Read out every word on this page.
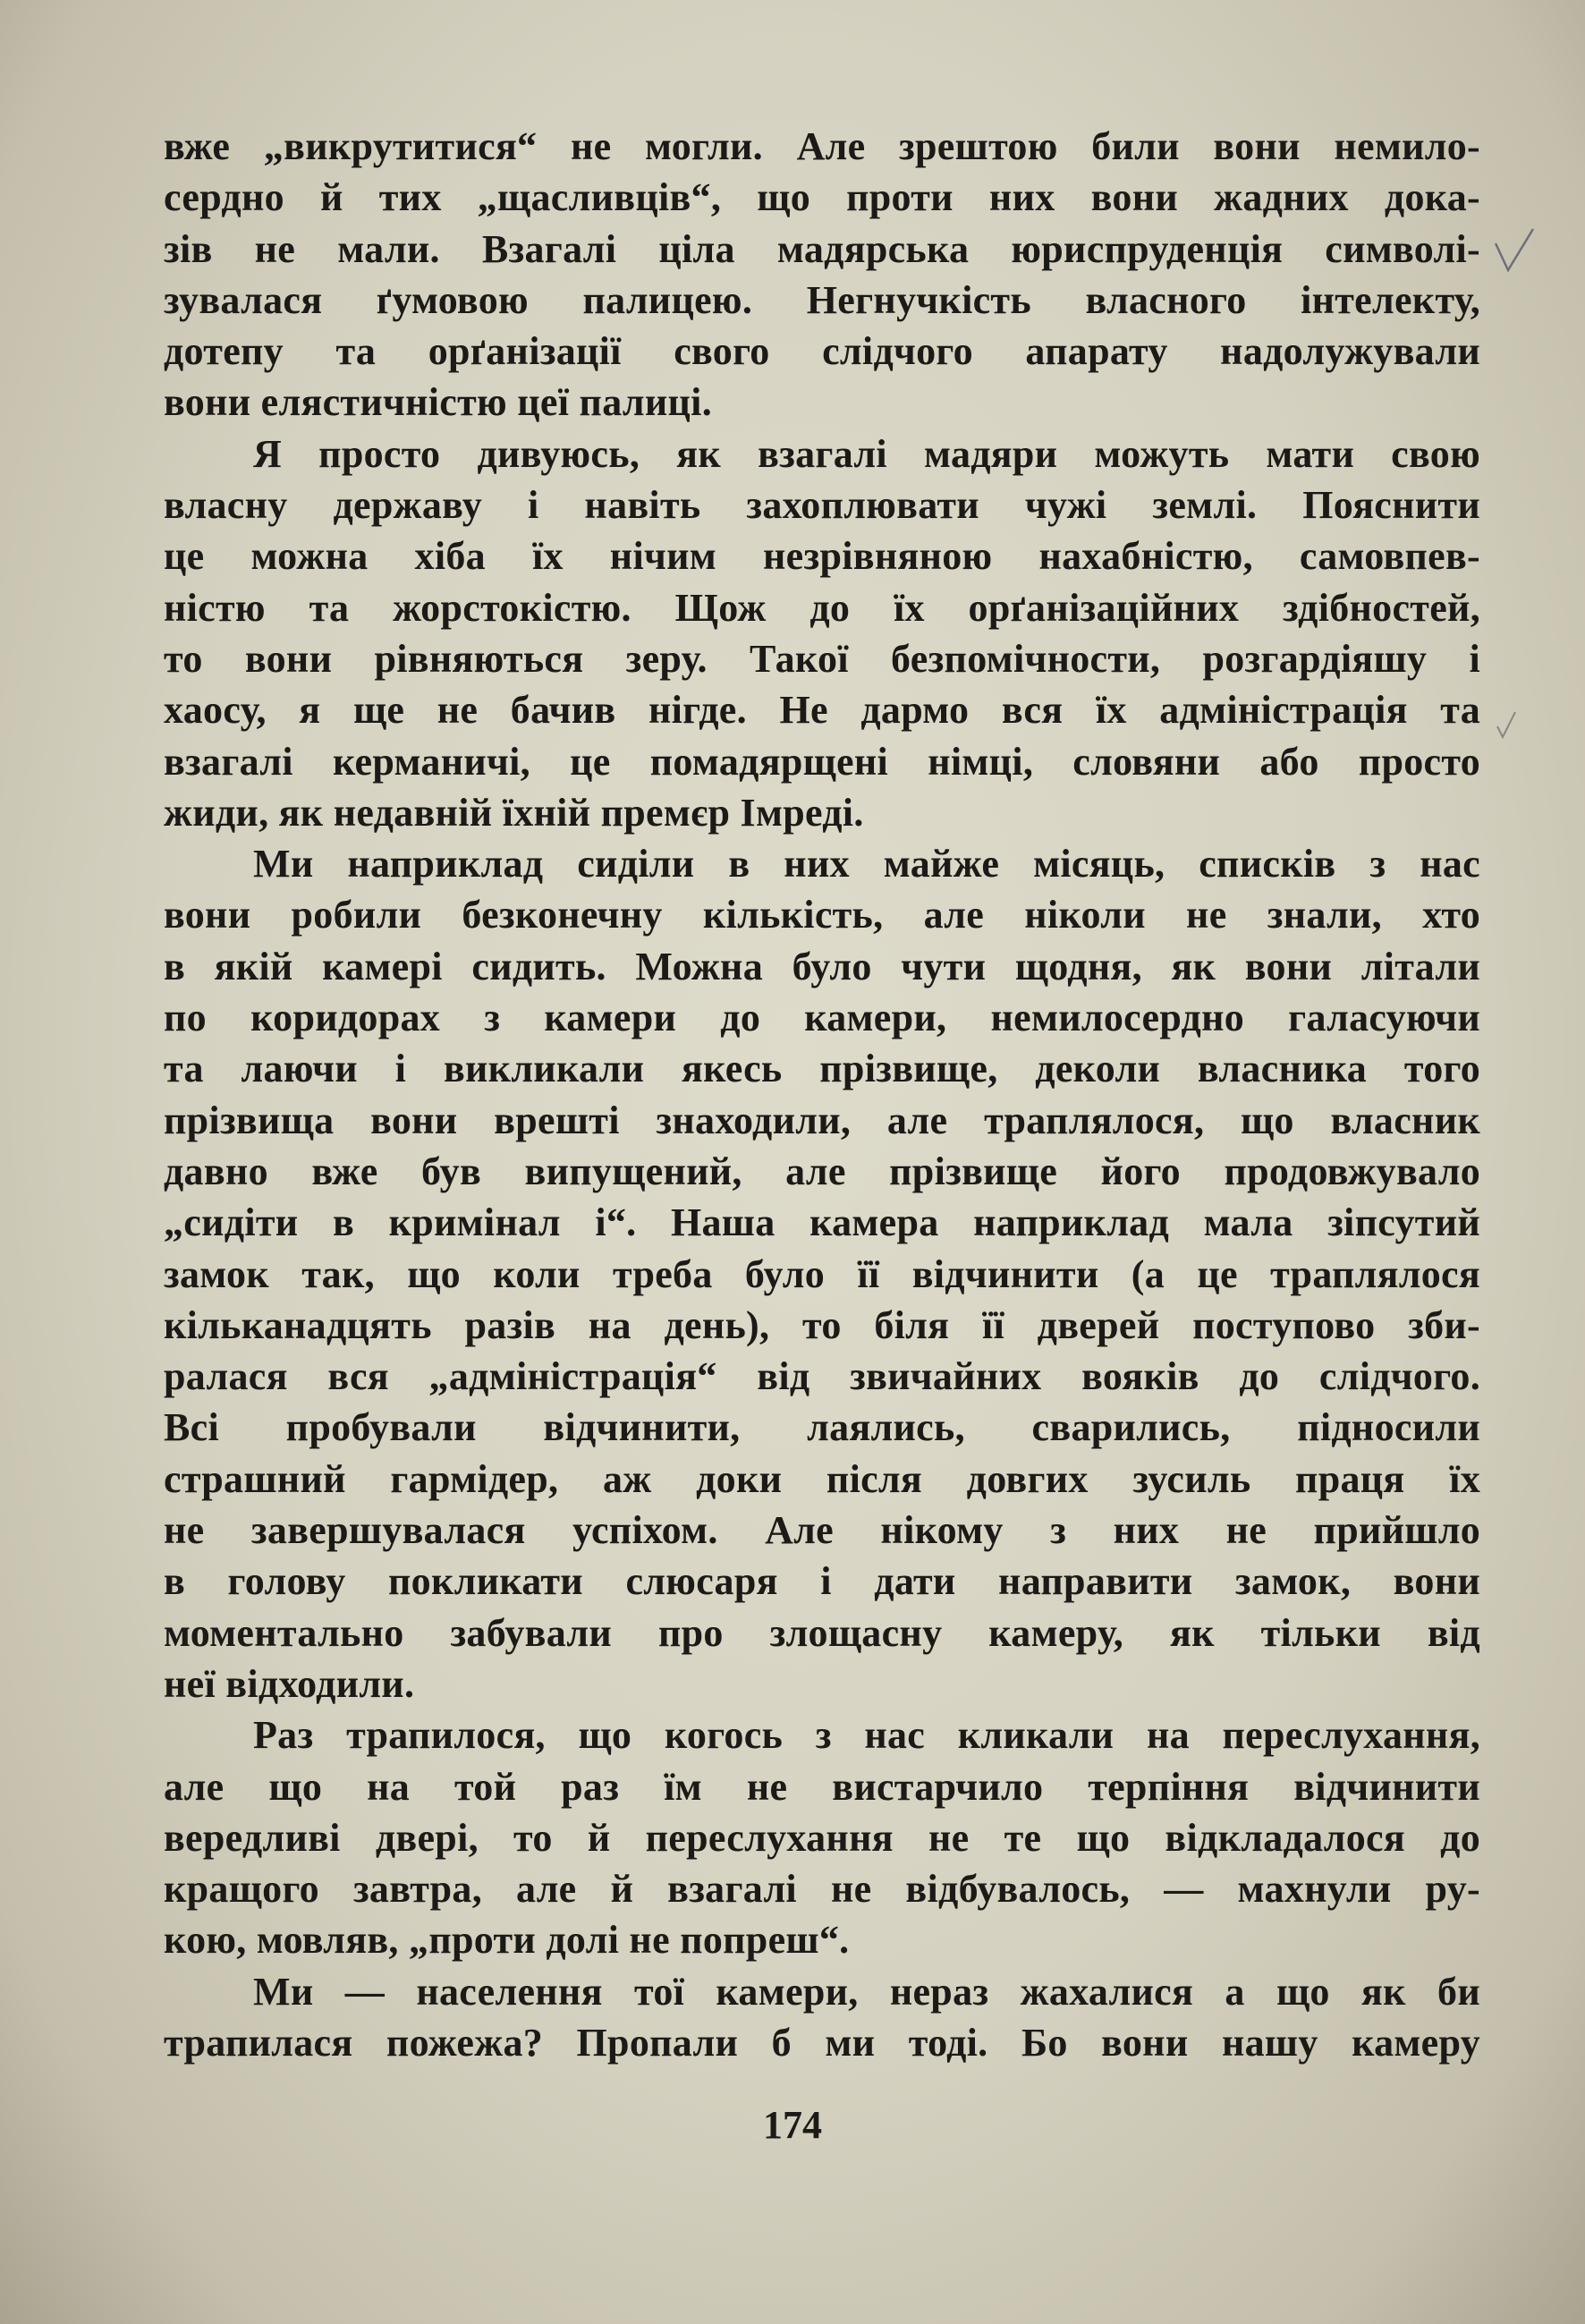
вже „викрутитися“ не могли. Але зрештою били вони немило-
сердно й тих „щасливців“, що проти них вони жадних дока-
зів не мали. Взагалі ціла мадярська юриспруденція символі-
зувалася ґумовою палицею. Негнучкість власного інтелекту,
дотепу та орґанізації свого слідчого апарату надолужували
вони елястичністю цеї палиці.
Я просто дивуюсь, як взагалі мадяри можуть мати свою
власну державу і навіть захоплювати чужі землі. Пояснити
це можна хіба їх нічим незрівняною нахабністю, самовпев-
ністю та жорстокістю. Щож до їх орґанізаційних здібностей,
то вони рівняються зеру. Такої безпомічности, розгардіяшу і
хаосу, я ще не бачив нігде. Не дармо вся їх адміністрація та
взагалі керманичі, це помадярщені німці, словяни або просто
жиди, як недавній їхній премєр Імреді.
Ми наприклад сиділи в них майже місяць, списків з нас
вони робили безконечну кількість, але ніколи не знали, хто
в якій камері сидить. Можна було чути щодня, як вони літали
по коридорах з камери до камери, немилосердно галасуючи
та лаючи і викликали якесь прізвище, деколи власника того
прізвища вони врешті знаходили, але траплялося, що власник
давно вже був випущений, але прізвище його продовжувало
„сидіти в кримінал і“. Наша камера наприклад мала зіпсутий
замок так, що коли треба було її відчинити (а це траплялося
кільканадцять разів на день), то біля її дверей поступово зби-
ралася вся „адміністрація“ від звичайних вояків до слідчого.
Всі пробували відчинити, лаялись, сварились, підносили
страшний гармідер, аж доки після довгих зусиль праця їх
не завершувалася успіхом. Але нікому з них не прийшло
в голову покликати слюсаря і дати направити замок, вони
моментально забували про злощасну камеру, як тільки від
неї відходили.
Раз трапилося, що когось з нас кликали на переслухання,
але що на той раз їм не вистарчило терпіння відчинити
вередливі двері, то й переслухання не те що відкладалося до
кращого завтра, але й взагалі не відбувалось, — махнули ру-
кою, мовляв, „проти долі не попреш“.
Ми — населення тої камери, нераз жахалися а що як би
трапилася пожежа? Пропали б ми тоді. Бо вони нашу камеру
174
